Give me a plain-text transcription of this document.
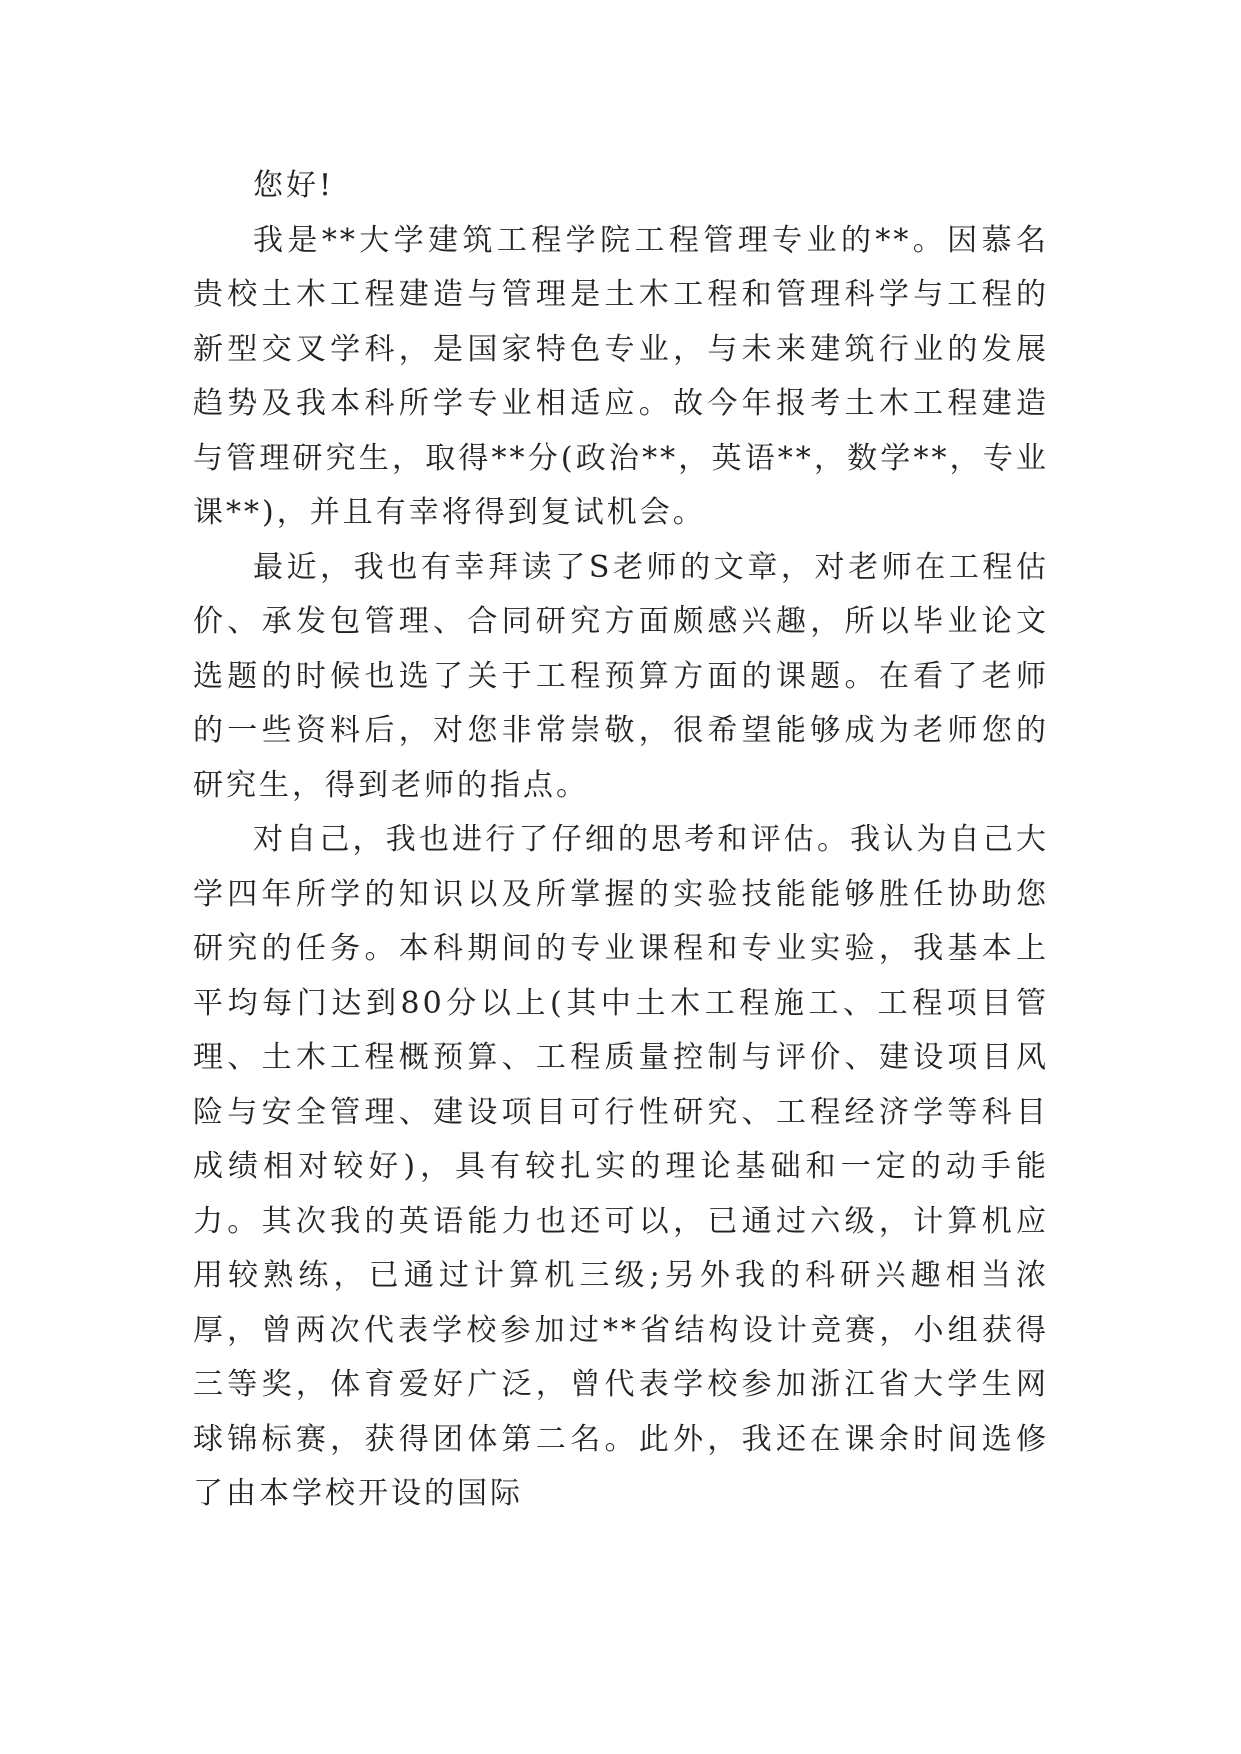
您好!

我是**大学建筑工程学院工程管理专业的**。因慕名贵校土木工程建造与管理是土木工程和管理科学与工程的新型交叉学科，是国家特色专业，与未来建筑行业的发展趋势及我本科所学专业相适应。故今年报考土木工程建造与管理研究生，取得**分(政治**，英语**，数学**，专业课**)，并且有幸将得到复试机会。

最近，我也有幸拜读了S老师的文章，对老师在工程估价、承发包管理、合同研究方面颇感兴趣，所以毕业论文选题的时候也选了关于工程预算方面的课题。在看了老师的一些资料后，对您非常崇敬，很希望能够成为老师您的研究生，得到老师的指点。

对自己，我也进行了仔细的思考和评估。我认为自己大学四年所学的知识以及所掌握的实验技能能够胜任协助您研究的任务。本科期间的专业课程和专业实验，我基本上平均每门达到80分以上(其中土木工程施工、工程项目管理、土木工程概预算、工程质量控制与评价、建设项目风险与安全管理、建设项目可行性研究、工程经济学等科目成绩相对较好)，具有较扎实的理论基础和一定的动手能力。其次我的英语能力也还可以，已通过六级，计算机应用较熟练，已通过计算机三级;另外我的科研兴趣相当浓厚，曾两次代表学校参加过**省结构设计竞赛，小组获得三等奖，体育爱好广泛，曾代表学校参加浙江省大学生网球锦标赛，获得团体第二名。此外，我还在课余时间选修了由本学校开设的国际
